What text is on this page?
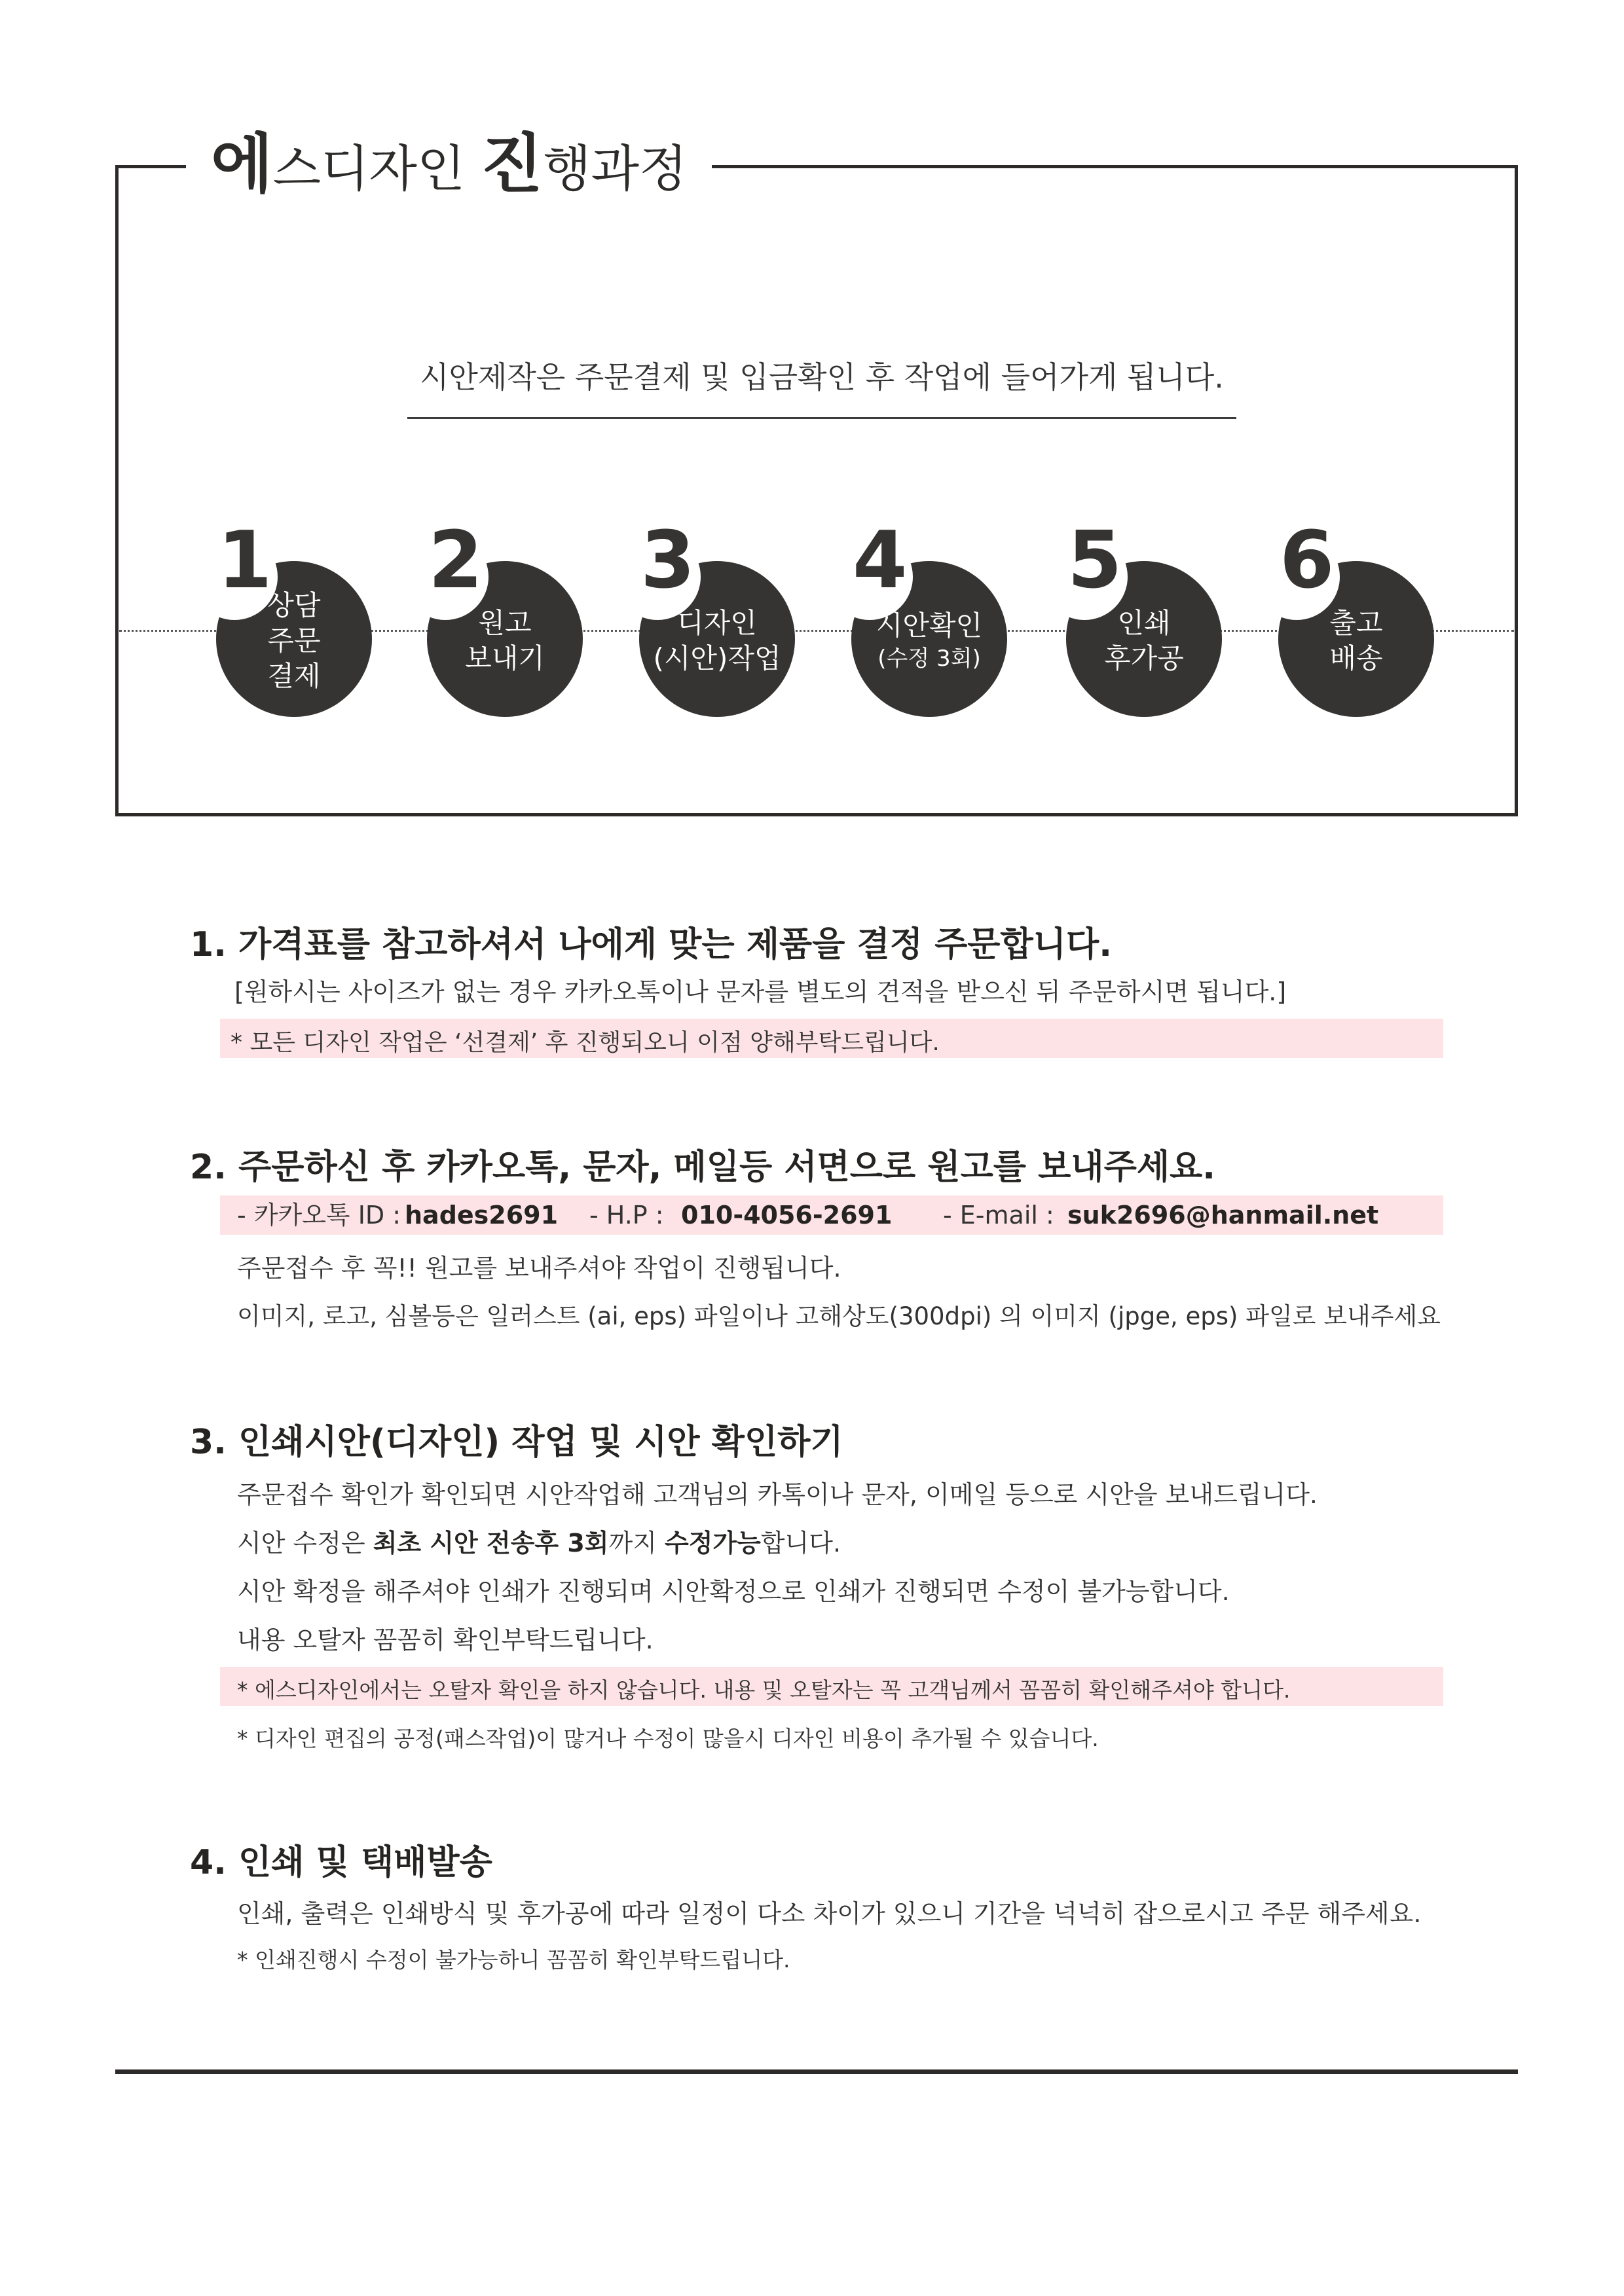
에스디자인 진행과정
시안제작은 주문결제 및 입금확인 후 작업에 들어가게 됩니다.
1
상담
주문
결제
2
원고
보내기
3
디자인
(시안)작업
4
시안확인
(수정 3회)
5
인쇄
후가공
6
출고
배송
1. 가격표를 참고하셔서 나에게 맞는 제품을 결정 주문합니다.
[원하시는 사이즈가 없는 경우 카카오톡이나 문자를 별도의 견적을 받으신 뒤 주문하시면 됩니다.]
* 모든 디자인 작업은 ‘선결제’ 후 진행되오니 이점 양해부탁드립니다.
2. 주문하신 후 카카오톡, 문자, 메일등 서면으로 원고를 보내주세요.
- 카카오톡 ID :hades2691 - H.P :010-4056-2691 - E-mail :suk2696@hanmail.net
주문접수 후 꼭!! 원고를 보내주셔야 작업이 진행됩니다.
이미지, 로고, 심볼등은 일러스트 (ai, eps) 파일이나 고해상도(300dpi) 의 이미지 (jpge, eps) 파일로 보내주세요
3. 인쇄시안(디자인) 작업 및 시안 확인하기
주문접수 확인가 확인되면 시안작업해 고객님의 카톡이나 문자, 이메일 등으로 시안을 보내드립니다.
시안 수정은 최초 시안 전송후 3회까지 수정가능합니다.
시안 확정을 해주셔야 인쇄가 진행되며 시안확정으로 인쇄가 진행되면 수정이 불가능합니다.
내용 오탈자 꼼꼼히 확인부탁드립니다.
* 에스디자인에서는 오탈자 확인을 하지 않습니다. 내용 및 오탈자는 꼭 고객님께서 꼼꼼히 확인해주셔야 합니다.
* 디자인 편집의 공정(패스작업)이 많거나 수정이 많을시 디자인 비용이 추가될 수 있습니다.
4. 인쇄 및 택배발송
인쇄, 출력은 인쇄방식 및 후가공에 따라 일정이 다소 차이가 있으니 기간을 넉넉히 잡으로시고 주문 해주세요.
* 인쇄진행시 수정이 불가능하니 꼼꼼히 확인부탁드립니다.
